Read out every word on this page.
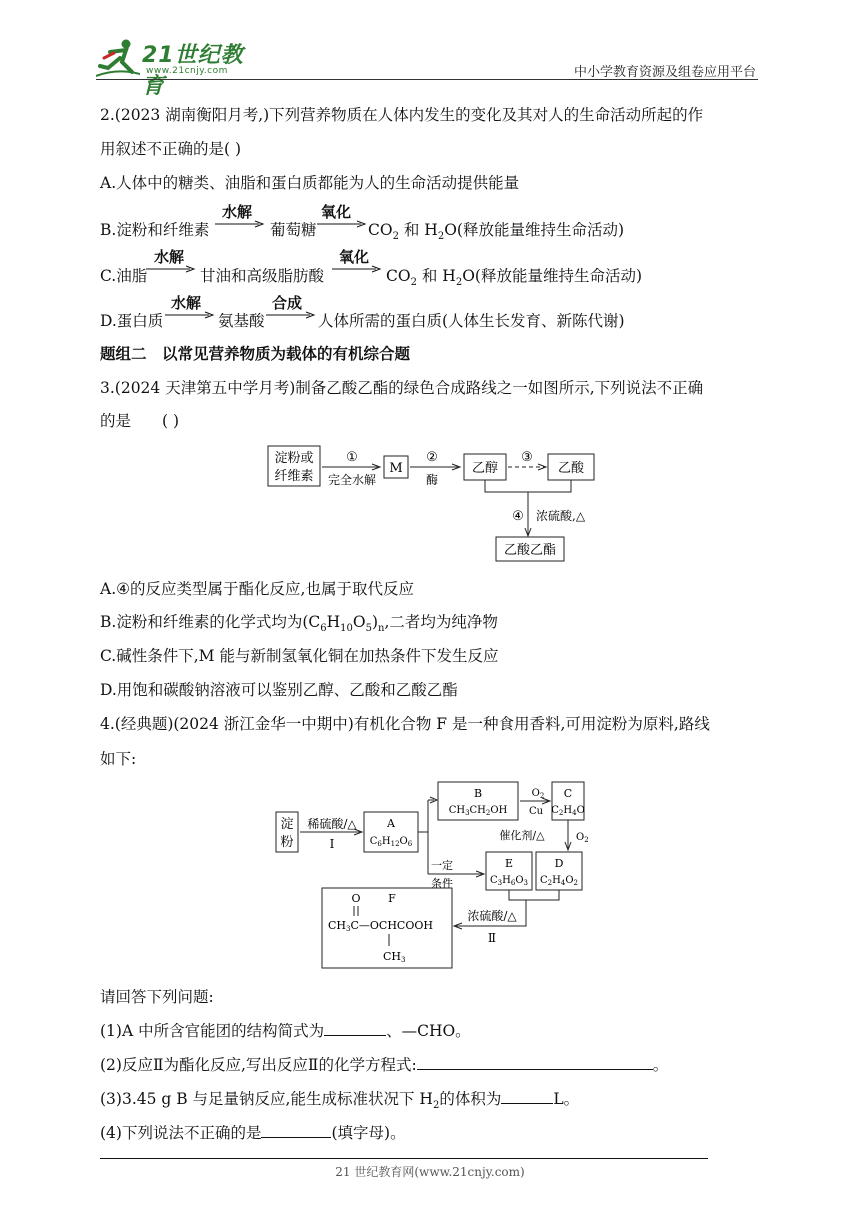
21世纪教育
www.21cnjy.com	中小学教育资源及组卷应用平台
2.(2023 湖南衡阳月考,)下列营养物质在人体内发生的变化及其对人的生命活动所起的作
用叙述不正确的是( )
A.人体中的糖类、油脂和蛋白质都能为人的生命活动提供能量
B.淀粉和纤维素
水解
葡萄糖
氧化
$CO_2$ 和 $H_2O$(释放能量维持生命活动)
C.油脂
水解
甘油和高级脂肪酸
氧化
$CO_2$ 和 $H_2O$(释放能量维持生命活动)
D.蛋白质
水解
氨基酸
合成
人体所需的蛋白质(人体生长发育、新陈代谢)
题组二　以常见营养物质为载体的有机综合题
3.(2024 天津第五中学月考)制备乙酸乙酯的绿色合成路线之一如图所示,下列说法不正确
的是　　( )
淀粉或
纤维素
①
完全水解
M
②
酶
乙醇
③
乙酸
④ 浓硫酸,△
乙酸乙酯
A.④的反应类型属于酯化反应,也属于取代反应
B.淀粉和纤维素的化学式均为$(C_6H_{10}O_5)_n$,二者均为纯净物
C.碱性条件下,M 能与新制氢氧化铜在加热条件下发生反应
D.用饱和碳酸钠溶液可以鉴别乙醇、乙酸和乙酸乙酯
4.(经典题)(2024 浙江金华一中期中)有机化合物 F 是一种食用香料,可用淀粉为原料,路线
如下:
淀
粉
稀硫酸/△
Ⅰ
A
$C_6H_{12}O_6$
一定
条件
B
$CH_3CH_2OH$
$O_2$
Cu
C
$C_2H_4O$
催化剂/△	$O_2$
E
$C_3H_6O_3$
D
$C_2H_4O_2$
浓硫酸/△
Ⅱ
O	F
CH3C—OCHCOOH
CH3
请回答下列问题:
(1)A 中所含官能团的结构简式为	、—CHO。
(2)反应Ⅱ为酯化反应,写出反应Ⅱ的化学方程式:	。
(3)3.45 g B 与足量钠反应,能生成标准状况下 $H_2$的体积为	L。
(4)下列说法不正确的是	(填字母)。
21 世纪教育网(www.21cnjy.com)
